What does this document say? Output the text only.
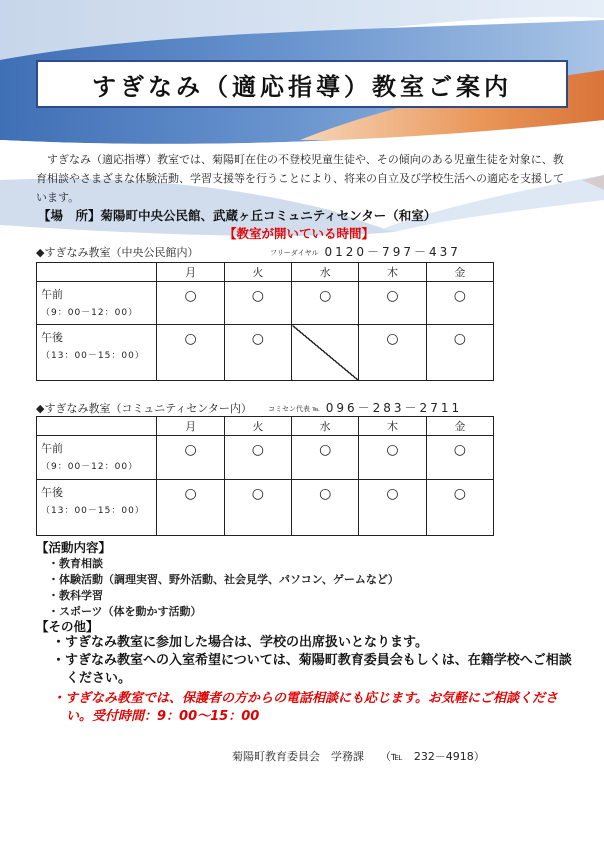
すぎなみ（適応指導）教室ご案内
すぎなみ（適応指導）教室では、菊陽町在住の不登校児童生徒や、その傾向のある児童生徒を対象に、教育相談やさまざまな体験活動、学習支援等を行うことにより、将来の自立及び学校生活への適応を支援しています。
【場　所】菊陽町中央公民館、武蔵ヶ丘コミュニティセンター（和室）
【教室が開いている時間】
◆すぎなみ教室（中央公民館内）	フリーダイヤル 0120－797－437
	月	火	水	木	金

午前
（9：00－12：00）	○	○	○	○	○

午後
（13：00－15：00）	○	○		○	○
◆すぎなみ教室（コミュニティセンター内） コミセン代表 ℡ 096－283－2711
	月	火	水	木	金

午前
（9：00－12：00）	○	○	○	○	○

午後
（13：00－15：00）	○	○	○	○	○
【活動内容】
・ 教育相談
・ 体験活動（調理実習、野外活動、社会見学、パソコン、ゲームなど）
・ 教科学習
・ スポーツ（体を動かす活動）
【その他】

・ すぎなみ教室に参加した場合は、学校の出席扱いとなります。

・ すぎなみ教室への入室希望については、菊陽町教育委員会もしくは、在籍学校へご相談ください。

・ すぎなみ教室では、保護者の方からの電話相談にも応じます。お気軽にご相談ください。受付時間：9：00～15：00

菊陽町教育委員会　学務課 （℡　232－4918）
